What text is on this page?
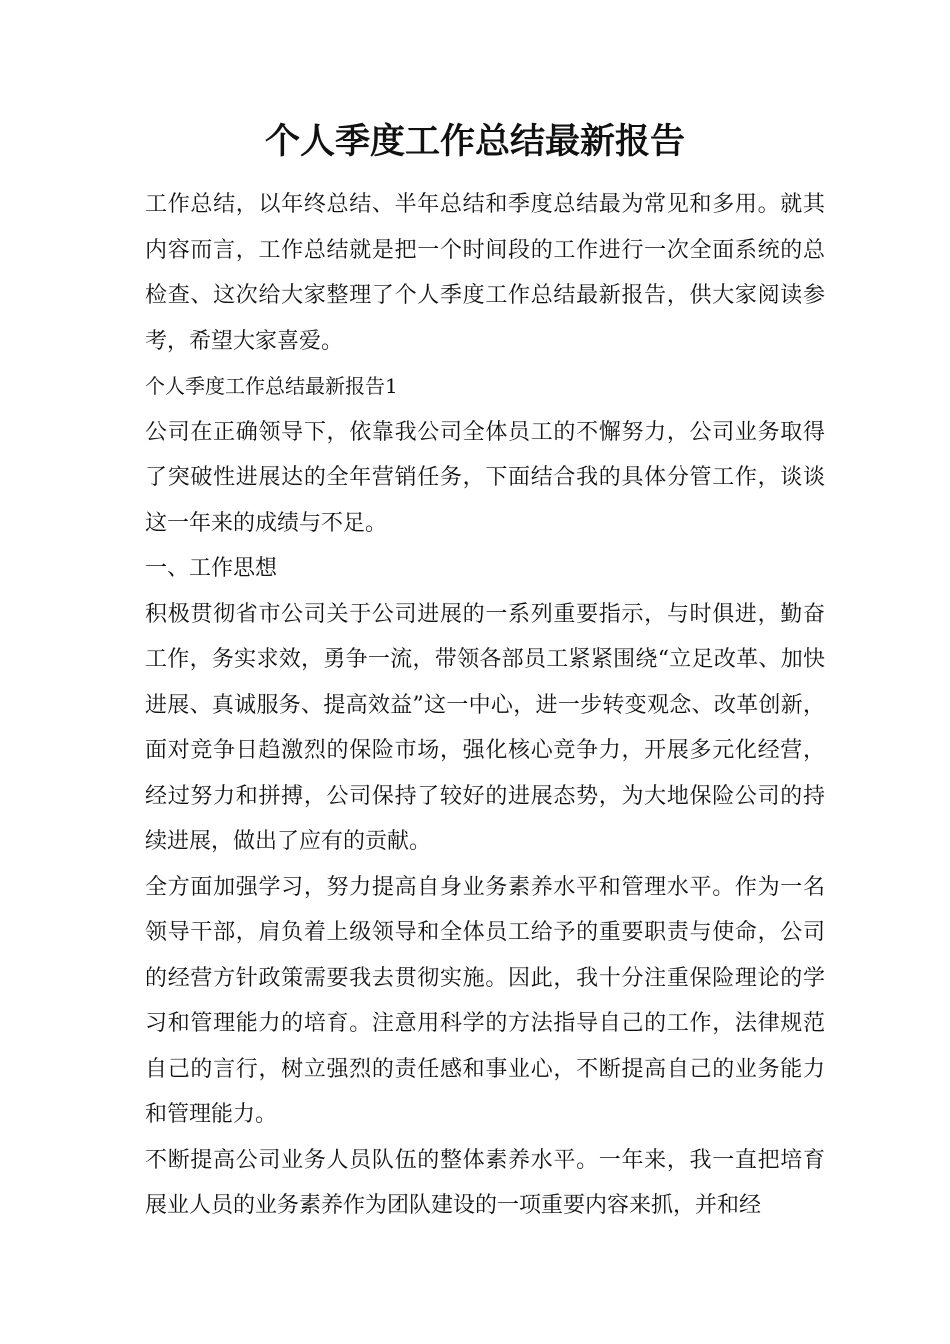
个人季度工作总结最新报告

工作总结，以年终总结、半年总结和季度总结最为常见和多用。就其内容而言，工作总结就是把一个时间段的工作进行一次全面系统的总检查、这次给大家整理了个人季度工作总结最新报告，供大家阅读参考，希望大家喜爱。

个人季度工作总结最新报告1

公司在正确领导下，依靠我公司全体员工的不懈努力，公司业务取得了突破性进展达的全年营销任务，下面结合我的具体分管工作，谈谈这一年来的成绩与不足。

一、工作思想

积极贯彻省市公司关于公司进展的一系列重要指示，与时俱进，勤奋工作，务实求效，勇争一流，带领各部员工紧紧围绕“立足改革、加快进展、真诚服务、提高效益”这一中心，进一步转变观念、改革创新，面对竞争日趋激烈的保险市场，强化核心竞争力，开展多元化经营，经过努力和拼搏，公司保持了较好的进展态势，为大地保险公司的持续进展，做出了应有的贡献。

全方面加强学习，努力提高自身业务素养水平和管理水平。作为一名领导干部，肩负着上级领导和全体员工给予的重要职责与使命，公司的经营方针政策需要我去贯彻实施。因此，我十分注重保险理论的学习和管理能力的培育。注意用科学的方法指导自己的工作，法律规范自己的言行，树立强烈的责任感和事业心，不断提高自己的业务能力和管理能力。

不断提高公司业务人员队伍的整体素养水平。一年来，我一直把培育展业人员的业务素养作为团队建设的一项重要内容来抓，并和经
